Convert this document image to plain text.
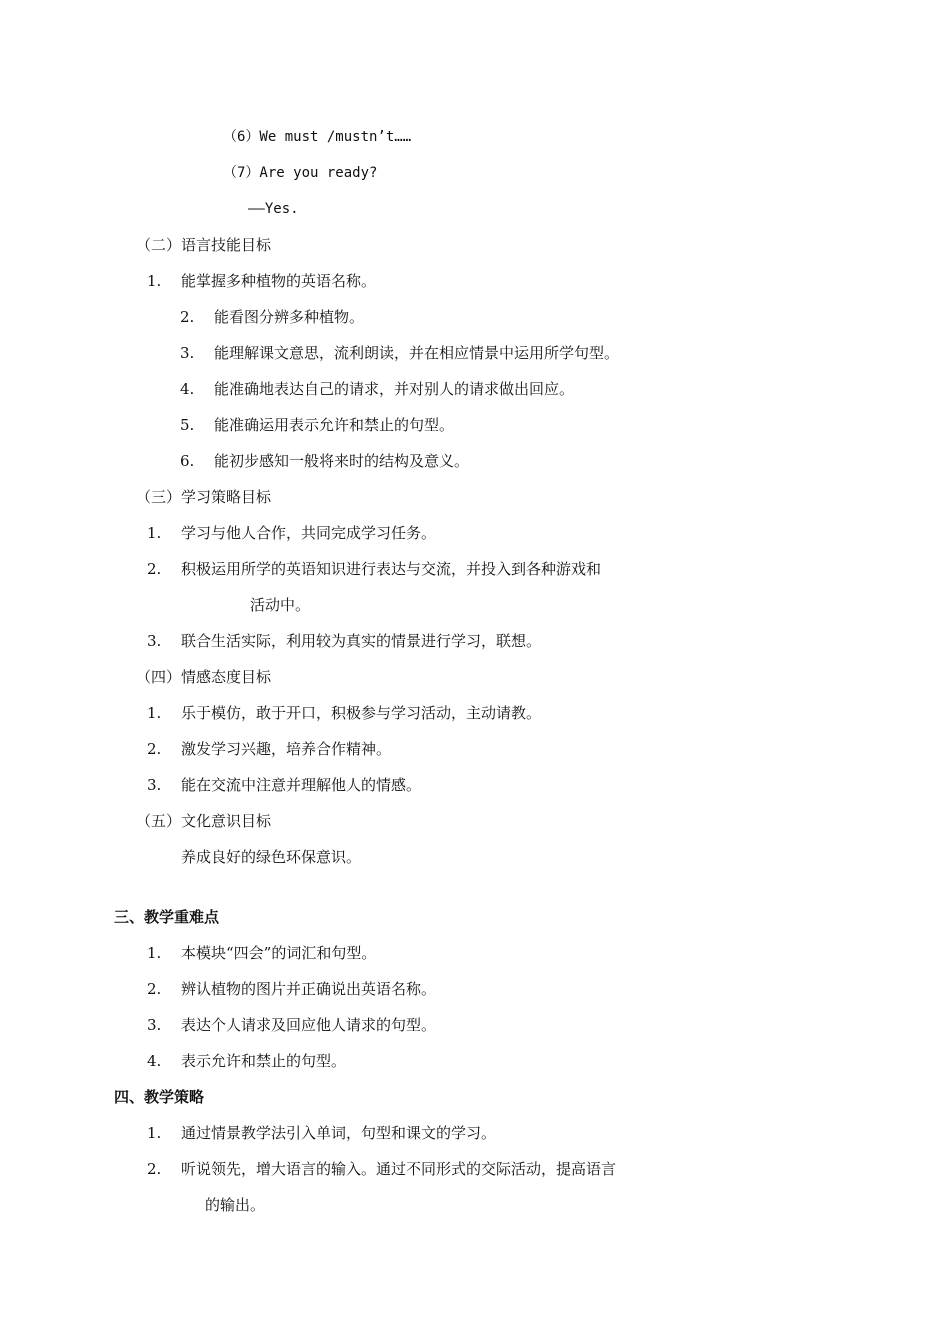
（6）We must /mustn’t……
（7）Are you ready?
——Yes.
（二）语言技能目标
1. 能掌握多种植物的英语名称。
2. 能看图分辨多种植物。
3. 能理解课文意思，流利朗读，并在相应情景中运用所学句型。
4. 能准确地表达自己的请求，并对别人的请求做出回应。
5. 能准确运用表示允许和禁止的句型。
6. 能初步感知一般将来时的结构及意义。
（三）学习策略目标
1. 学习与他人合作，共同完成学习任务。
2. 积极运用所学的英语知识进行表达与交流，并投入到各种游戏和
活动中。
3. 联合生活实际，利用较为真实的情景进行学习，联想。
（四）情感态度目标
1. 乐于模仿，敢于开口，积极参与学习活动，主动请教。
2. 激发学习兴趣，培养合作精神。
3. 能在交流中注意并理解他人的情感。
（五）文化意识目标
养成良好的绿色环保意识。
三、教学重难点
1. 本模块“四会”的词汇和句型。
2. 辨认植物的图片并正确说出英语名称。
3. 表达个人请求及回应他人请求的句型。
4. 表示允许和禁止的句型。
四、教学策略
1. 通过情景教学法引入单词，句型和课文的学习。
2. 听说领先，增大语言的输入。通过不同形式的交际活动，提高语言
的输出。
